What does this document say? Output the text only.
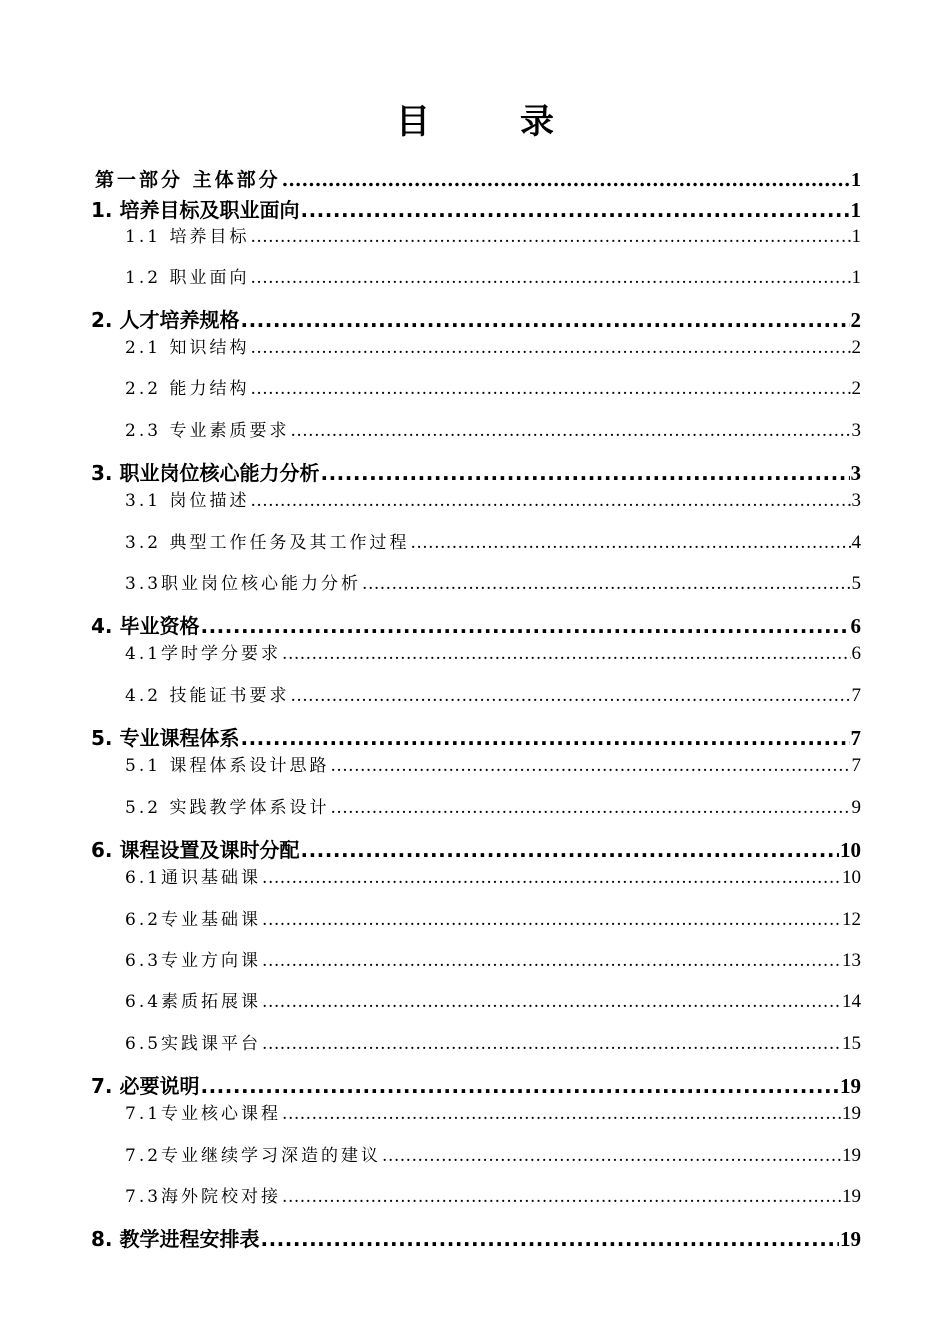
目　录
第一部分 主体部分 .....	1
1. 培养目标及职业面向 .....	1
1.1 培养目标 .....	1
1.2 职业面向 .....	1
2. 人才培养规格 .....	2
2.1 知识结构 .....	2
2.2 能力结构 .....	2
2.3 专业素质要求 .....	3
3. 职业岗位核心能力分析 .....	3
3.1 岗位描述 .....	3
3.2 典型工作任务及其工作过程 .....	4
3.3职业岗位核心能力分析 .....	5
4. 毕业资格 .....	6
4.1学时学分要求 .....	6
4.2 技能证书要求 .....	7
5. 专业课程体系 .....	7
5.1 课程体系设计思路 .....	7
5.2 实践教学体系设计 .....	9
6. 课程设置及课时分配 .....	10
6.1通识基础课 .....	10
6.2专业基础课 .....	12
6.3专业方向课 .....	13
6.4素质拓展课 .....	14
6.5实践课平台 .....	15
7. 必要说明 .....	19
7.1专业核心课程 .....	19
7.2专业继续学习深造的建议 .....	19
7.3海外院校对接 .....	19
8. 教学进程安排表 .....	19
